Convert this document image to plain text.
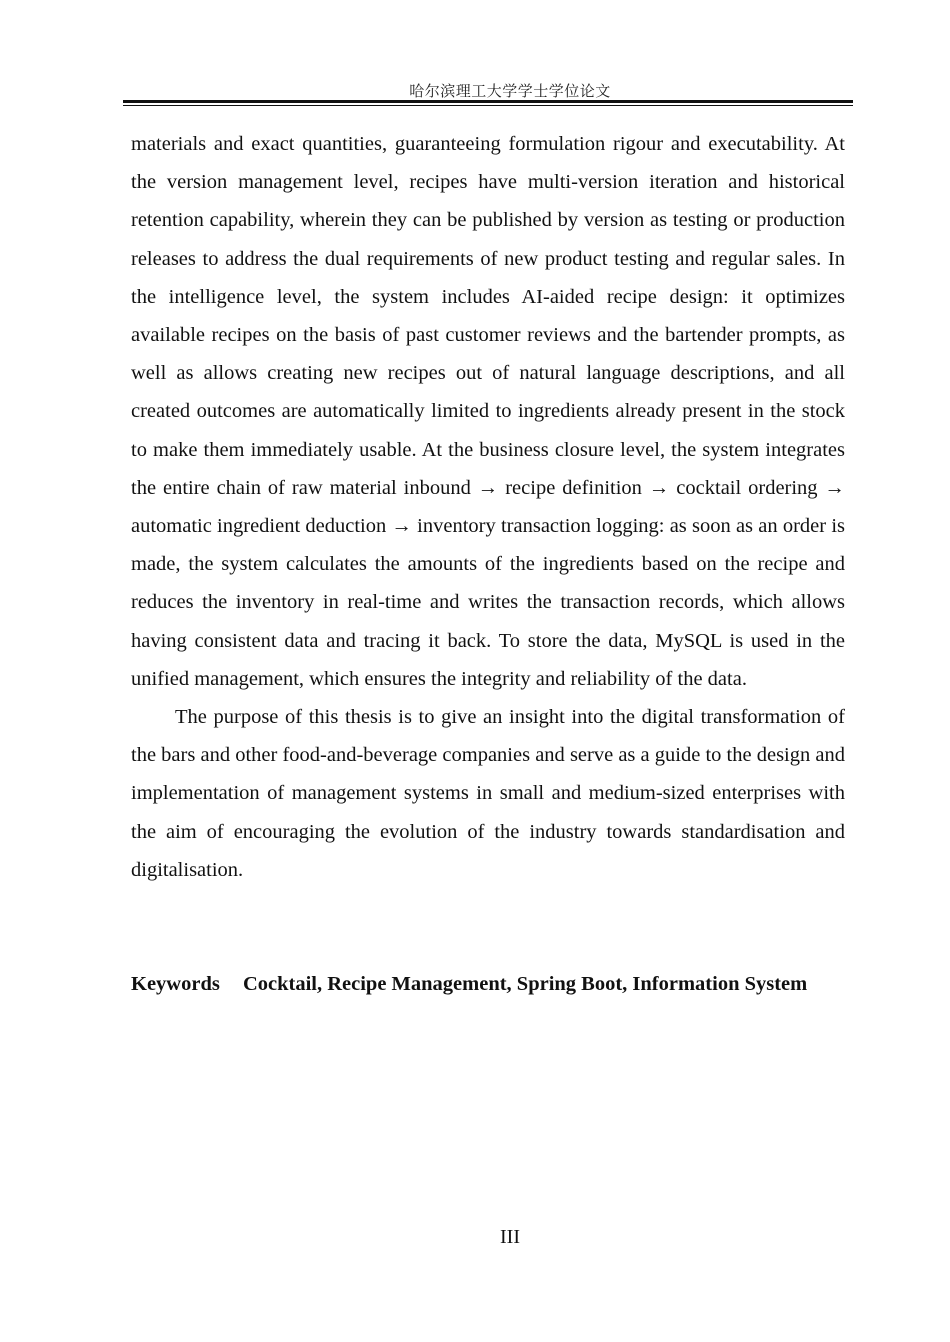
哈尔滨理工大学学士学位论文

materials and exact quantities, guaranteeing formulation rigour and executability. At the version management level, recipes have multi-version iteration and historical retention capability, wherein they can be published by version as testing or production releases to address the dual requirements of new product testing and regular sales. In the intelligence level, the system includes AI-aided recipe design: it optimizes available recipes on the basis of past customer reviews and the bartender prompts, as well as allows creating new recipes out of natural language descriptions, and all created outcomes are automatically limited to ingredients already present in the stock to make them immediately usable. At the business closure level, the system integrates the entire chain of raw material inbound → recipe definition → cocktail ordering → automatic ingredient deduction → inventory transaction logging: as soon as an order is made, the system calculates the amounts of the ingredients based on the recipe and reduces the inventory in real-time and writes the transaction records, which allows having consistent data and tracing it back. To store the data, MySQL is used in the unified management, which ensures the integrity and reliability of the data.

The purpose of this thesis is to give an insight into the digital transformation of the bars and other food-and-beverage companies and serve as a guide to the design and implementation of management systems in small and medium-sized enterprises with the aim of encouraging the evolution of the industry towards standardisation and digitalisation.

Keywords Cocktail, Recipe Management, Spring Boot, Information System

III
